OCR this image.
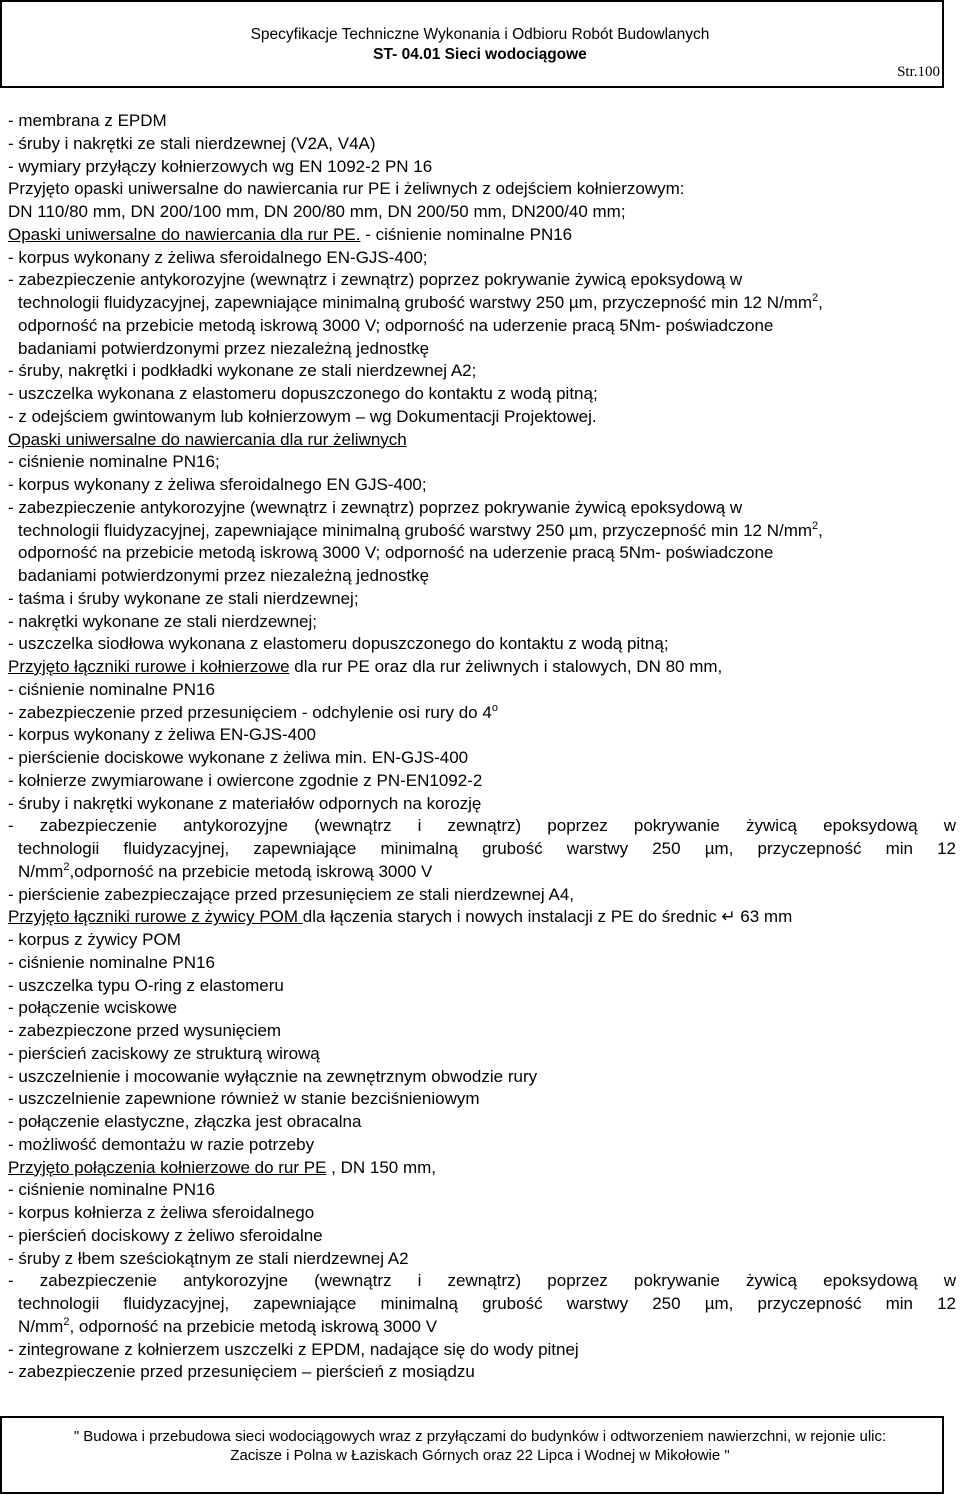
Specyfikacje Techniczne Wykonania i Odbioru Robót Budowlanych
ST- 04.01 Sieci wodociągowe
Str.100
- membrana z EPDM
- śruby i nakrętki ze stali nierdzewnej (V2A, V4A)
- wymiary przyłączy kołnierzowych wg EN 1092-2 PN 16
Przyjęto opaski uniwersalne do nawiercania rur PE i żeliwnych z odejściem kołnierzowym:
DN 110/80 mm, DN 200/100 mm, DN 200/80 mm, DN 200/50 mm, DN200/40 mm;
Opaski uniwersalne do nawiercania dla rur PE. - ciśnienie nominalne PN16
- korpus wykonany z żeliwa sferoidalnego EN-GJS-400;
- zabezpieczenie antykorozyjne (wewnątrz i zewnątrz) poprzez pokrywanie żywicą epoksydową w
technologii fluidyzacyjnej, zapewniające minimalną grubość warstwy 250 µm, przyczepność min 12 $N/mm^2$,
odporność na przebicie metodą iskrową 3000 V; odporność na uderzenie pracą 5Nm- poświadczone
badaniami potwierdzonymi przez niezależną jednostkę
- śruby, nakrętki i podkładki wykonane ze stali nierdzewnej A2;
- uszczelka wykonana z elastomeru dopuszczonego do kontaktu z wodą pitną;
- z odejściem gwintowanym lub kołnierzowym – wg Dokumentacji Projektowej.
Opaski uniwersalne do nawiercania dla rur żeliwnych
- ciśnienie nominalne PN16;
- korpus wykonany z żeliwa sferoidalnego EN GJS-400;
- zabezpieczenie antykorozyjne (wewnątrz i zewnątrz) poprzez pokrywanie żywicą epoksydową w
technologii fluidyzacyjnej, zapewniające minimalną grubość warstwy 250 µm, przyczepność min 12 $N/mm^2$,
odporność na przebicie metodą iskrową 3000 V; odporność na uderzenie pracą 5Nm- poświadczone
badaniami potwierdzonymi przez niezależną jednostkę
- taśma i śruby wykonane ze stali nierdzewnej;
- nakrętki wykonane ze stali nierdzewnej;
- uszczelka siodłowa wykonana z elastomeru dopuszczonego do kontaktu z wodą pitną;
Przyjęto łączniki rurowe i kołnierzowe dla rur PE oraz dla rur żeliwnych i stalowych, DN 80 mm,
- ciśnienie nominalne PN16
- zabezpieczenie przed przesunięciem - odchylenie osi rury do 4$^o$
- korpus wykonany z żeliwa EN-GJS-400
- pierścienie dociskowe wykonane z żeliwa min. EN-GJS-400
- kołnierze zwymiarowane i owiercone zgodnie z PN-EN1092-2
- śruby i nakrętki wykonane z materiałów odpornych na korozję
- zabezpieczenie antykorozyjne (wewnątrz i zewnątrz) poprzez pokrywanie żywicą epoksydową w
technologii fluidyzacyjnej, zapewniające minimalną grubość warstwy 250 µm, przyczepność min 12
$N/mm^2,odporność$ na przebicie metodą iskrową 3000 V
- pierścienie zabezpieczające przed przesunięciem ze stali nierdzewnej A4,
Przyjęto łączniki rurowe z żywicy POM dla łączenia starych i nowych instalacji z PE do średnic ↵ 63 mm
- korpus z żywicy POM
- ciśnienie nominalne PN16
- uszczelka typu O-ring z elastomeru
- połączenie wciskowe
- zabezpieczone przed wysunięciem
- pierścień zaciskowy ze strukturą wirową
- uszczelnienie i mocowanie wyłącznie na zewnętrznym obwodzie rury
- uszczelnienie zapewnione również w stanie bezciśnieniowym
- połączenie elastyczne, złączka jest obracalna
- możliwość demontażu w razie potrzeby
Przyjęto połączenia kołnierzowe do rur PE , DN 150 mm,
- ciśnienie nominalne PN16
- korpus kołnierza z żeliwa sferoidalnego
- pierścień dociskowy z żeliwo sferoidalne
- śruby z łbem sześciokątnym ze stali nierdzewnej A2
- zabezpieczenie antykorozyjne (wewnątrz i zewnątrz) poprzez pokrywanie żywicą epoksydową w
technologii fluidyzacyjnej, zapewniające minimalną grubość warstwy 250 µm, przyczepność min 12
$N/mm^2$, odporność na przebicie metodą iskrową 3000 V
- zintegrowane z kołnierzem uszczelki z EPDM, nadające się do wody pitnej
- zabezpieczenie przed przesunięciem – pierścień z mosiądzu
" Budowa i przebudowa sieci wodociągowych wraz z przyłączami do budynków i odtworzeniem nawierzchni, w rejonie ulic:
Zacisze i Polna w Łaziskach Górnych oraz 22 Lipca i Wodnej w Mikołowie "
